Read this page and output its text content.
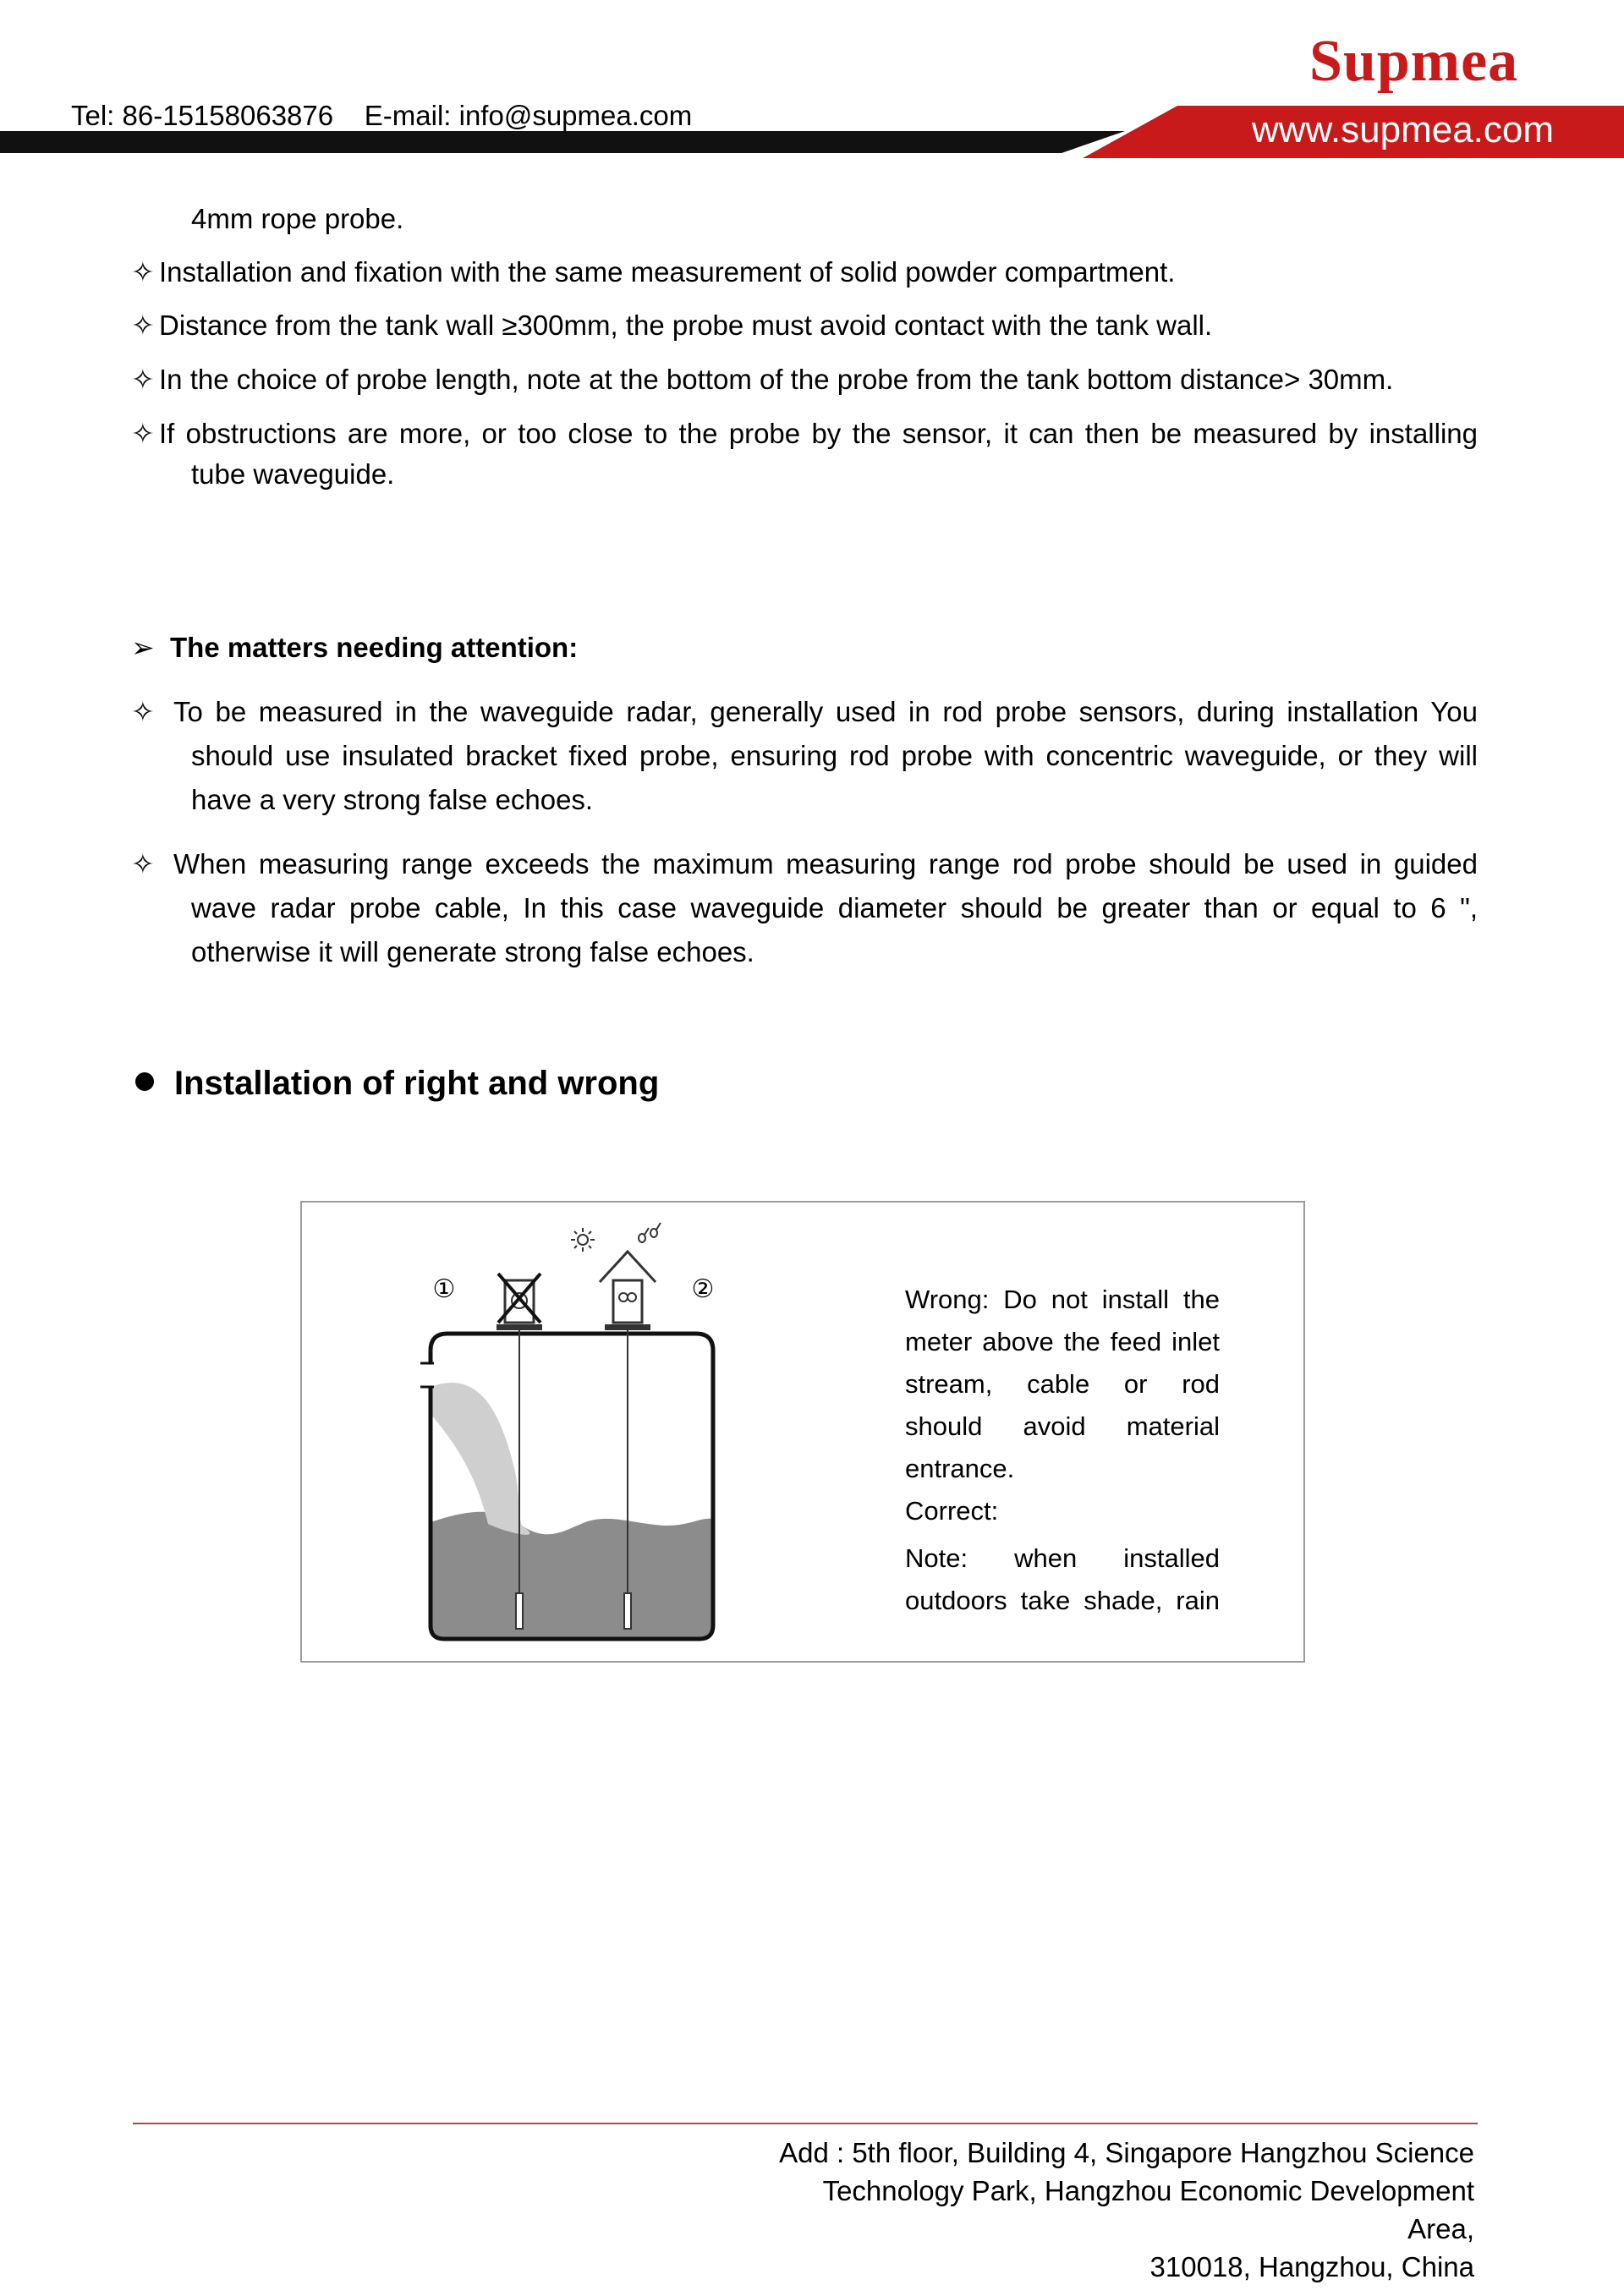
Supmea
Tel: 86-15158063876    E-mail: info@supmea.com	www.supmea.com
4mm rope probe.
✧ Installation and fixation with the same measurement of solid powder compartment.
✧ Distance from the tank wall ≥300mm, the probe must avoid contact with the tank wall.
✧ In the choice of probe length, note at the bottom of the probe from the tank bottom distance> 30mm.
✧ If obstructions are more, or too close to the probe by the sensor, it can then be measured by installing
tube waveguide.
➢ The matters needing attention:
✧ To be measured in the waveguide radar, generally used in rod probe sensors, during installation You
should use insulated bracket fixed probe, ensuring rod probe with concentric waveguide, or they will
have a very strong false echoes.
✧ When measuring range exceeds the maximum measuring range rod probe should be used in guided
wave radar probe cable, In this case waveguide diameter should be greater than or equal to 6 ",
otherwise it will generate strong false echoes.
Installation of right and wrong
①	②	Wrong: Do not install the
meter above the feed inlet
stream, cable or rod
should avoid material
entrance.
Correct:
Note: when installed
outdoors take shade, rain
Add : 5th floor, Building 4, Singapore Hangzhou Science
Technology Park, Hangzhou Economic Development Area,
310018, Hangzhou, China
